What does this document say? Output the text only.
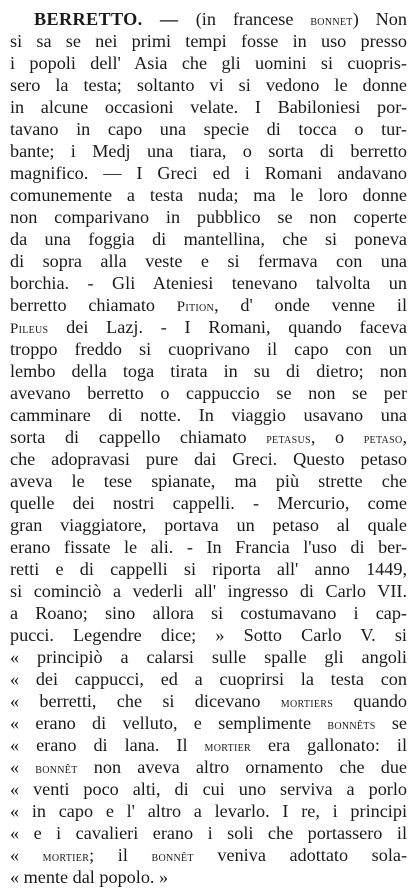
BERRETTO. — (in francese bonnet) Non
si sa se nei primi tempi fosse in uso presso
i popoli dell' Asia che gli uomini si cuopris-
sero la testa; soltanto vi si vedono le donne
in alcune occasioni velate. I Babiloniesi por-
tavano in capo una specie di tocca o tur-
bante; i Medj una tiara, o sorta di berretto
magnifico. — I Greci ed i Romani andavano
comunemente a testa nuda; ma le loro donne
non comparivano in pubblico se non coperte
da una foggia di mantellina, che si poneva
di sopra alla veste e si fermava con una
borchia. - Gli Ateniesi tenevano talvolta un
berretto chiamato Pition, d' onde venne il
Pileus dei Lazj. - I Romani, quando faceva
troppo freddo si cuoprivano il capo con un
lembo della toga tirata in su di dietro; non
avevano berretto o cappuccio se non se per
camminare di notte. In viaggio usavano una
sorta di cappello chiamato petasus, o petaso,
che adopravasi pure dai Greci. Questo petaso
aveva le tese spianate, ma più strette che
quelle dei nostri cappelli. - Mercurio, come
gran viaggiatore, portava un petaso al quale
erano fissate le ali. - In Francia l'uso di ber-
retti e di cappelli si riporta all' anno 1449,
si cominciò a vederli all' ingresso di Carlo VII.
a Roano; sino allora si costumavano i cap-
pucci. Legendre dice; » Sotto Carlo V. si
« principiò a calarsi sulle spalle gli angoli
« dei cappucci, ed a cuoprirsi la testa con
« berretti, che si dicevano mortiers quando
« erano di velluto, e semplimente bonnêts se
« erano di lana. Il mortier era gallonato: il
« bonnêt non aveva altro ornamento che due
« venti poco alti, di cui uno serviva a porlo
« in capo e l' altro a levarlo. I re, i principi
« e i cavalieri erano i soli che portassero il
« mortier; il bonnêt veniva adottato sola-
« mente dal popolo. »
